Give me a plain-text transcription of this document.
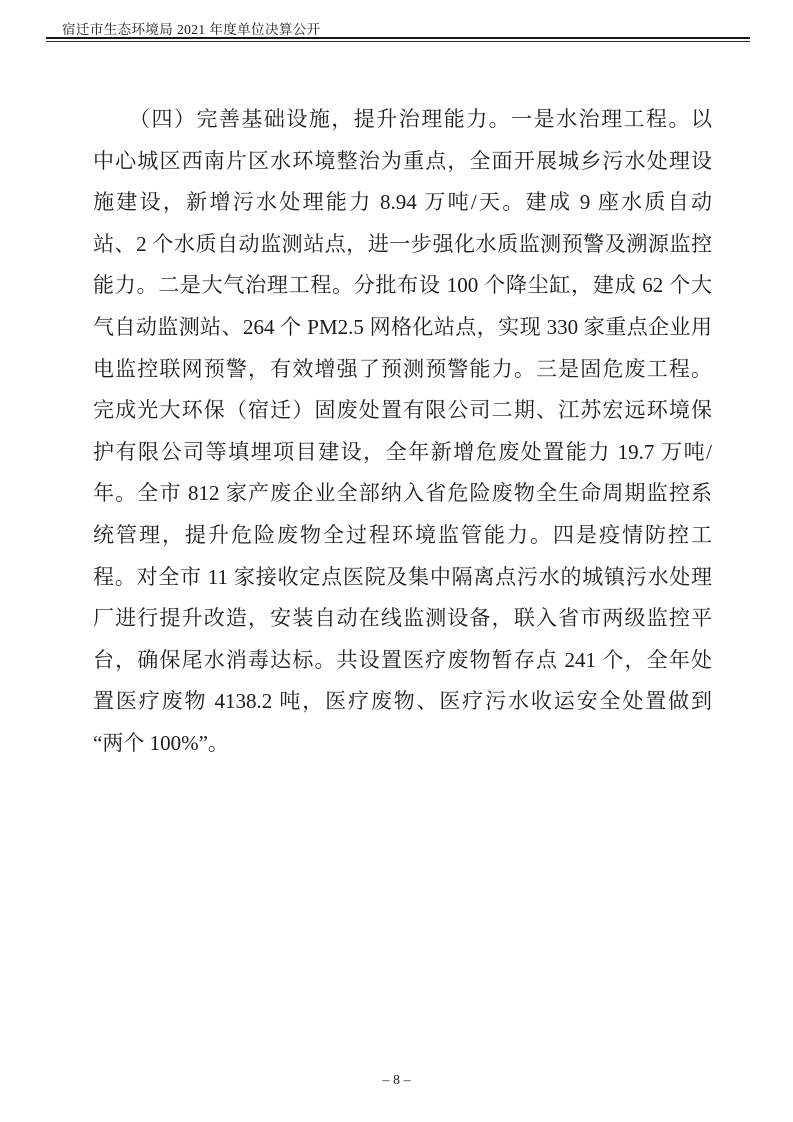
宿迁市生态环境局 2021 年度单位决算公开
（四）完善基础设施，提升治理能力。一是水治理工程。以
中心城区西南片区水环境整治为重点，全面开展城乡污水处理设
施建设，新增污水处理能力 8.94 万吨/天。建成 9 座水质自动
站、2 个水质自动监测站点，进一步强化水质监测预警及溯源监控
能力。二是大气治理工程。分批布设 100 个降尘缸，建成 62 个大
气自动监测站、264 个 PM2.5 网格化站点，实现 330 家重点企业用
电监控联网预警，有效增强了预测预警能力。三是固危废工程。
完成光大环保（宿迁）固废处置有限公司二期、江苏宏远环境保
护有限公司等填埋项目建设，全年新增危废处置能力 19.7 万吨/
年。全市 812 家产废企业全部纳入省危险废物全生命周期监控系
统管理，提升危险废物全过程环境监管能力。四是疫情防控工
程。对全市 11 家接收定点医院及集中隔离点污水的城镇污水处理
厂进行提升改造，安装自动在线监测设备，联入省市两级监控平
台，确保尾水消毒达标。共设置医疗废物暂存点 241 个，全年处
置医疗废物 4138.2 吨，医疗废物、医疗污水收运安全处置做到
“两个 100%”。
– 8 –
